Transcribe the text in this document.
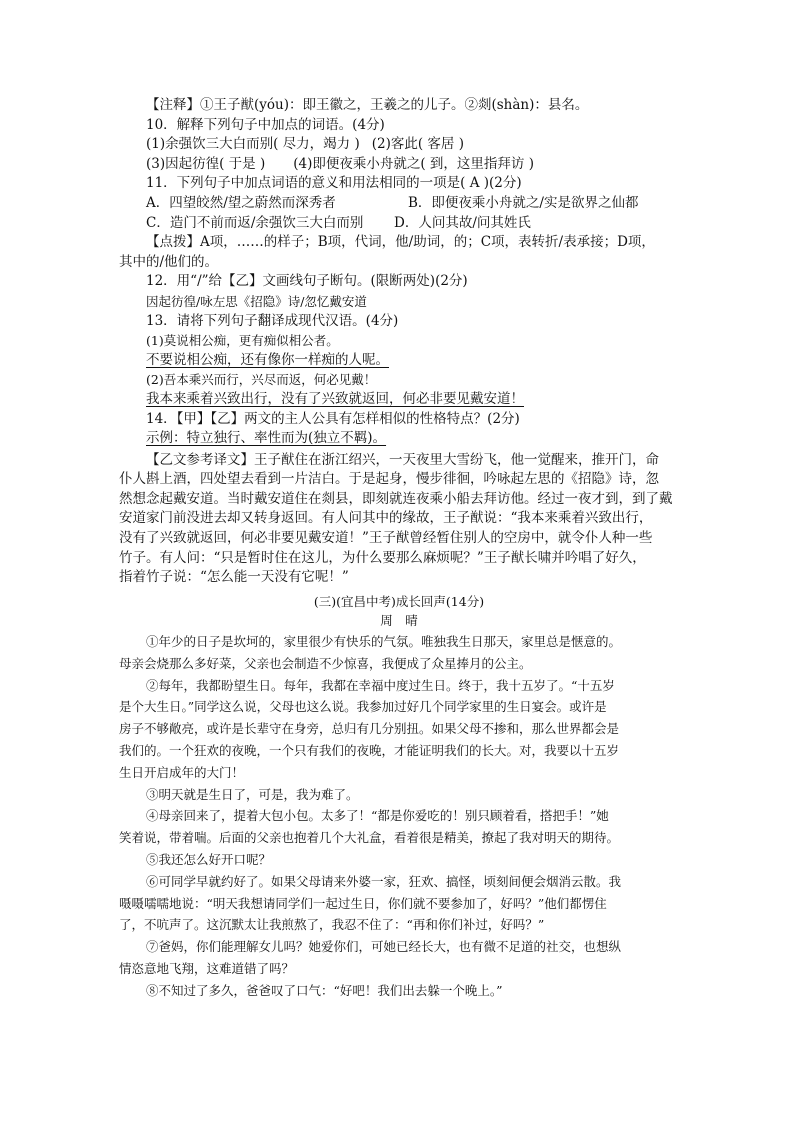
【注释】①王子猷(yóu)：即王徽之，王羲之的儿子。②剡(shàn)：县名。
10．解释下列句子中加点的词语。(4分)
(1)余强饮三大白而别( 尽力，竭力 ) (2)客此( 客居 )
(3)因起彷徨( 于是 ) (4)即便夜乘小舟就之( 到，这里指拜访 )
11．下列句子中加点词语的意义和用法相同的一项是( A )(2分)
A．四望皎然/望之蔚然而深秀者	B．即便夜乘小舟就之/实是欲界之仙都
C．造门不前而返/余强饮三大白而别 D．人问其故/问其姓氏
【点拨】A项，……的样子；B项，代词，他/助词，的；C项，表转折/表承接；D项，
其中的/他们的。
12．用“/”给【乙】文画线句子断句。(限断两处)(2分)
因起彷徨/咏左思《招隐》诗/忽忆戴安道
13．请将下列句子翻译成现代汉语。(4分)
(1)莫说相公痴，更有痴似相公者。
不要说相公痴，还有像你一样痴的人呢。
(2)吾本乘兴而行，兴尽而返，何必见戴！
我本来乘着兴致出行，没有了兴致就返回，何必非要见戴安道！
14．【甲】【乙】两文的主人公具有怎样相似的性格特点？(2分)
示例：特立独行、率性而为(独立不羁)。
【乙文参考译文】王子猷住在浙江绍兴，一天夜里大雪纷飞，他一觉醒来，推开门，命
仆人斟上酒，四处望去看到一片洁白。于是起身，慢步徘徊，吟咏起左思的《招隐》诗，忽
然想念起戴安道。当时戴安道住在剡县，即刻就连夜乘小船去拜访他。经过一夜才到，到了戴
安道家门前没进去却又转身返回。有人问其中的缘故，王子猷说：“我本来乘着兴致出行，
没有了兴致就返回，何必非要见戴安道！”王子猷曾经暂住别人的空房中，就令仆人种一些
竹子。有人问：“只是暂时住在这儿，为什么要那么麻烦呢？”王子猷长啸并吟唱了好久，
指着竹子说：“怎么能一天没有它呢！”
(三)(宜昌中考)成长回声(14分)
周　晴
①年少的日子是坎坷的，家里很少有快乐的气氛。唯独我生日那天，家里总是惬意的。
母亲会烧那么多好菜，父亲也会制造不少惊喜，我便成了众星捧月的公主。
②每年，我都盼望生日。每年，我都在幸福中度过生日。终于，我十五岁了。“十五岁
是个大生日。”同学这么说，父母也这么说。我参加过好几个同学家里的生日宴会。或许是
房子不够敞亮，或许是长辈守在身旁，总归有几分别扭。如果父母不掺和，那么世界都会是
我们的。一个狂欢的夜晚，一个只有我们的夜晚，才能证明我们的长大。对，我要以十五岁
生日开启成年的大门！
③明天就是生日了，可是，我为难了。
④母亲回来了，提着大包小包。太多了！“都是你爱吃的！别只顾着看，搭把手！”她
笑着说，带着喘。后面的父亲也抱着几个大礼盒，看着很是精美，撩起了我对明天的期待。
⑤我还怎么好开口呢？
⑥可同学早就约好了。如果父母请来外婆一家，狂欢、搞怪，顷刻间便会烟消云散。我
嗫嗫嚅嚅地说：“明天我想请同学们一起过生日，你们就不要参加了，好吗？”他们都愣住
了，不吭声了。这沉默太让我煎熬了，我忍不住了：“再和你们补过，好吗？”
⑦爸妈，你们能理解女儿吗？她爱你们，可她已经长大，也有微不足道的社交，也想纵
情恣意地飞翔，这难道错了吗？
⑧不知过了多久，爸爸叹了口气：“好吧！我们出去躲一个晚上。”
